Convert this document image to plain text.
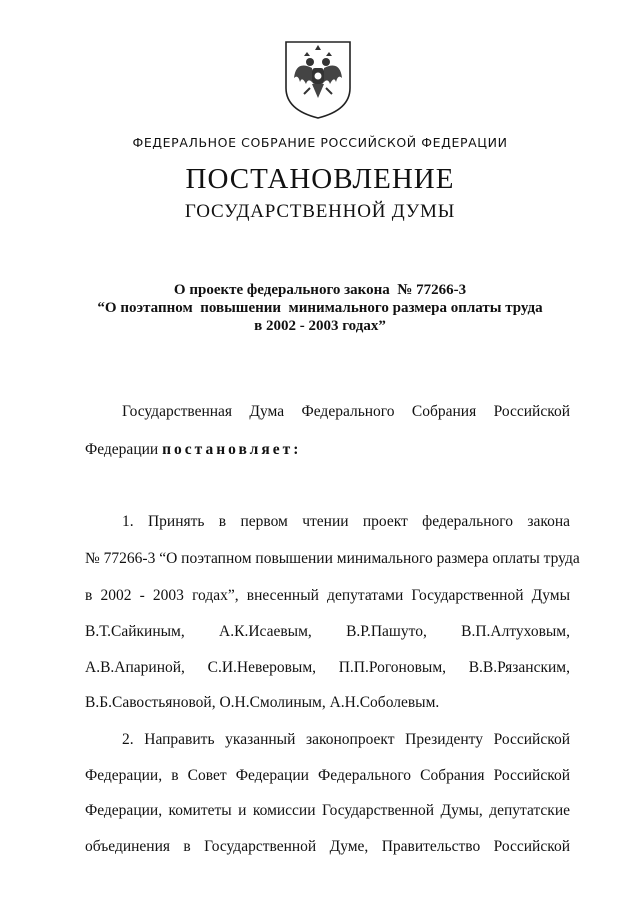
ФЕДЕРАЛЬНОЕ СОБРАНИЕ РОССИЙСКОЙ ФЕДЕРАЦИИ
ПОСТАНОВЛЕНИЕ
ГОСУДАРСТВЕННОЙ ДУМЫ
О проекте федерального закона  № 77266-3
“О поэтапном  повышении  минимального размера оплаты труда
в 2002 - 2003 годах”
Государственная Дума Федерального Собрания Российской
Федерации постановляет:
1. Принять в первом чтении проект федерального закона
№ 77266-3 “О поэтапном повышении минимального размера оплаты труда
в 2002 - 2003 годах”, внесенный депутатами Государственной Думы
В.Т.Сайкиным, А.К.Исаевым, В.Р.Пашуто, В.П.Алтуховым,
А.В.Апариной, С.И.Неверовым, П.П.Рогоновым, В.В.Рязанским,
В.Б.Савостьяновой, О.Н.Смолиным, А.Н.Соболевым.
2. Направить указанный законопроект Президенту Российской
Федерации, в Совет Федерации Федерального Собрания Российской
Федерации, комитеты и комиссии Государственной Думы, депутатские
объединения в Государственной Думе, Правительство Российской
